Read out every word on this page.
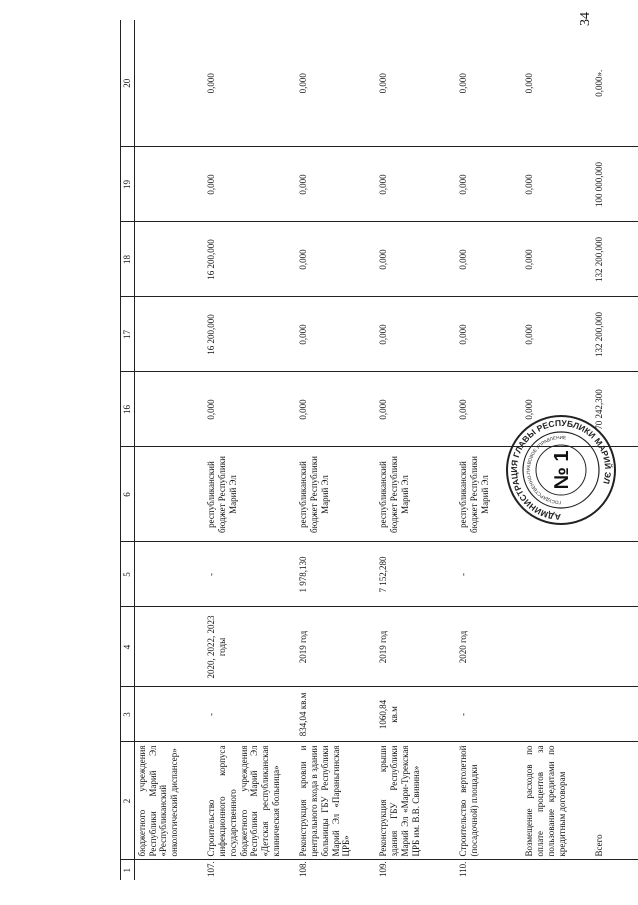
34
1	2	3	4	5	6	16	17	18	19	20
	бюджетного учреждения Республики Марий Эл «Республиканский онкологический диспансер»									
107.	Строительство инфекционного корпуса государственного бюджетного учреждения Республики Марий Эл «Детская республиканская клиническая больница»	-	2020, 2022, 2023 годы	-	республиканский бюджет Республики Марий Эл	0,000	16 200,000	16 200,000	0,000	0,000
108.	Реконструкция кровли и центрального входа в здании больницы ГБУ Республики Марий Эл «Параньгинская ЦРБ»	834,04 кв.м	2019 год	1 978,130	республиканский бюджет Республики Марий Эл	0,000	0,000	0,000	0,000	0,000
109.	Реконструкция крыши здания ГБУ Республики Марий Эл «Мари-Турекская ЦРБ им. В.В. Свинина»	1060,84 кв.м	2019 год	7 152,280	республиканский бюджет Республики Марий Эл	0,000	0,000	0,000	0,000	0,000
110.	Строительство вертолетной (посадочной) площадки	-	2020 год	-	республиканский бюджет Республики Марий Эл	0,000	0,000	0,000	0,000	0,000
	Возмещение расходов по оплате процентов за пользование кредитами по кредитным договорам					0,000	0,000	0,000	0,000	0,000
	Всего					70 242,300	132 200,000	132 200,000	100 000,000	0,000».
АДМИНИСТРАЦИЯ ГЛАВЫ РЕСПУБЛИКИ МАРИЙ ЭЛ
ГОСУДАРСТВЕННО-ПРАВОВОЕ УПРАВЛЕНИЕ
№ 1
